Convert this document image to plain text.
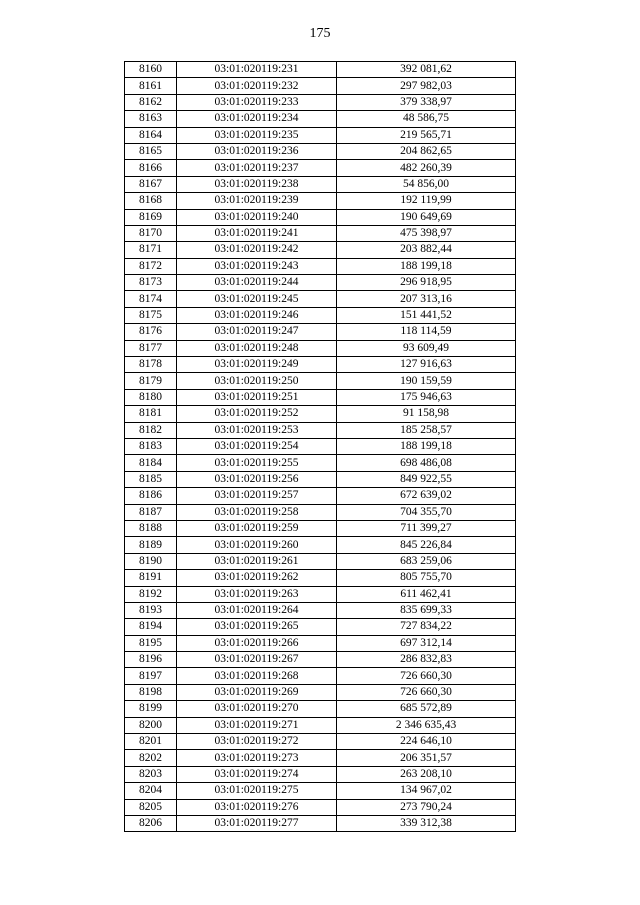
175
8160	03:01:020119:231	392 081,62
8161	03:01:020119:232	297 982,03
8162	03:01:020119:233	379 338,97
8163	03:01:020119:234	48 586,75
8164	03:01:020119:235	219 565,71
8165	03:01:020119:236	204 862,65
8166	03:01:020119:237	482 260,39
8167	03:01:020119:238	54 856,00
8168	03:01:020119:239	192 119,99
8169	03:01:020119:240	190 649,69
8170	03:01:020119:241	475 398,97
8171	03:01:020119:242	203 882,44
8172	03:01:020119:243	188 199,18
8173	03:01:020119:244	296 918,95
8174	03:01:020119:245	207 313,16
8175	03:01:020119:246	151 441,52
8176	03:01:020119:247	118 114,59
8177	03:01:020119:248	93 609,49
8178	03:01:020119:249	127 916,63
8179	03:01:020119:250	190 159,59
8180	03:01:020119:251	175 946,63
8181	03:01:020119:252	91 158,98
8182	03:01:020119:253	185 258,57
8183	03:01:020119:254	188 199,18
8184	03:01:020119:255	698 486,08
8185	03:01:020119:256	849 922,55
8186	03:01:020119:257	672 639,02
8187	03:01:020119:258	704 355,70
8188	03:01:020119:259	711 399,27
8189	03:01:020119:260	845 226,84
8190	03:01:020119:261	683 259,06
8191	03:01:020119:262	805 755,70
8192	03:01:020119:263	611 462,41
8193	03:01:020119:264	835 699,33
8194	03:01:020119:265	727 834,22
8195	03:01:020119:266	697 312,14
8196	03:01:020119:267	286 832,83
8197	03:01:020119:268	726 660,30
8198	03:01:020119:269	726 660,30
8199	03:01:020119:270	685 572,89
8200	03:01:020119:271	2 346 635,43
8201	03:01:020119:272	224 646,10
8202	03:01:020119:273	206 351,57
8203	03:01:020119:274	263 208,10
8204	03:01:020119:275	134 967,02
8205	03:01:020119:276	273 790,24
8206	03:01:020119:277	339 312,38
